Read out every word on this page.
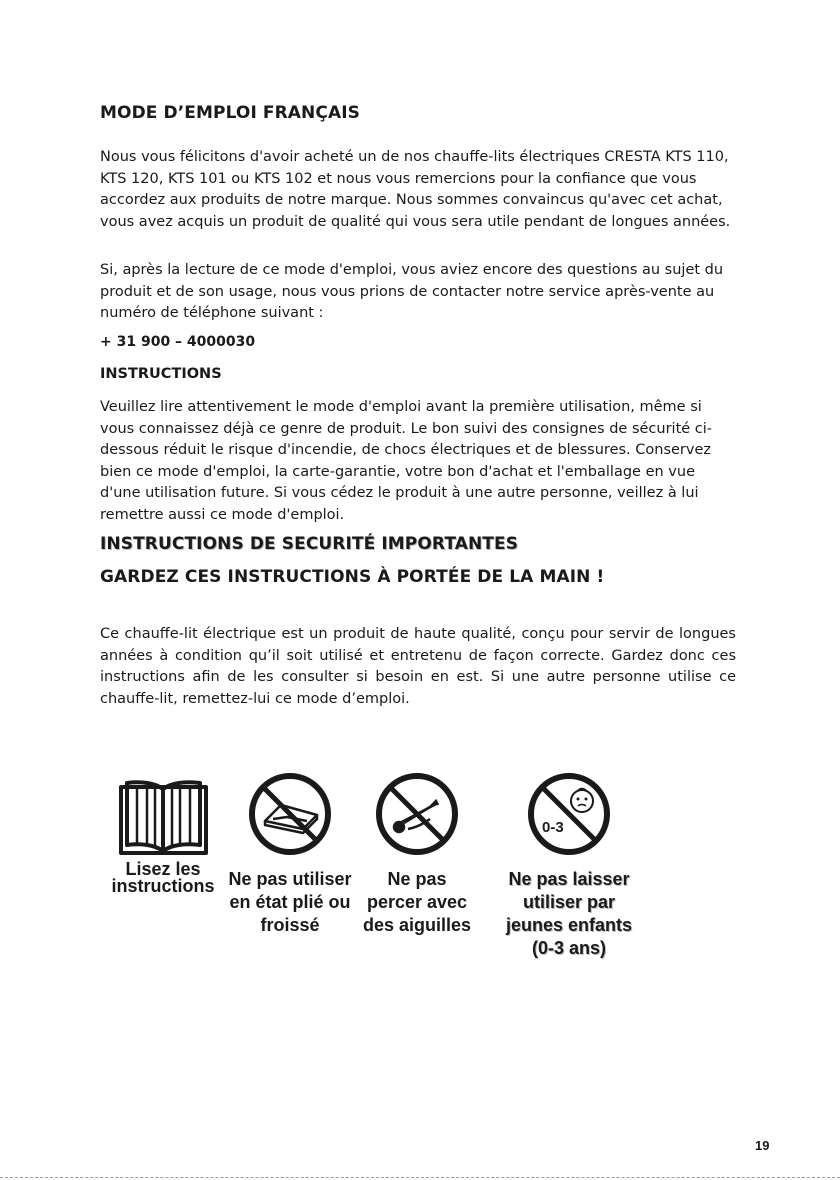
MODE D’EMPLOI FRANÇAIS

Nous vous félicitons d'avoir acheté un de nos chauffe-lits électriques CRESTA KTS 110, KTS 120, KTS 101 ou KTS 102 et nous vous remercions pour la confiance que vous accordez aux produits de notre marque. Nous sommes convaincus qu'avec cet achat, vous avez acquis un produit de qualité qui vous sera utile pendant de longues années.

Si, après la lecture de ce mode d'emploi, vous aviez encore des questions au sujet du produit et de son usage, nous vous prions de contacter notre service après-vente au numéro de téléphone suivant :

+ 31 900 – 4000030
INSTRUCTIONS

Veuillez lire attentivement le mode d'emploi avant la première utilisation, même si vous connaissez déjà ce genre de produit. Le bon suivi des consignes de sécurité ci-dessous réduit le risque d'incendie, de chocs électriques et de blessures. Conservez bien ce mode d'emploi, la carte-garantie, votre bon d'achat et l'emballage en vue d'une utilisation future. Si vous cédez le produit à une autre personne, veillez à lui remettre aussi ce mode d'emploi.

INSTRUCTIONS DE SECURITÉ IMPORTANTES
GARDEZ CES INSTRUCTIONS À PORTÉE DE LA MAIN !

Ce chauffe-lit électrique est un produit de haute qualité, conçu pour servir de longues années à condition qu’il soit utilisé et entretenu de façon correcte. Gardez donc ces instructions afin de les consulter si besoin en est. Si une autre personne utilise ce chauffe-lit, remettez-lui ce mode d’emploi.

Lisez les instructions Ne pas utiliser en état plié ou froissé
Ne pas percer avec des aiguilles
0-3
Ne pas laisser utiliser par jeunes enfants (0-3 ans)
19
